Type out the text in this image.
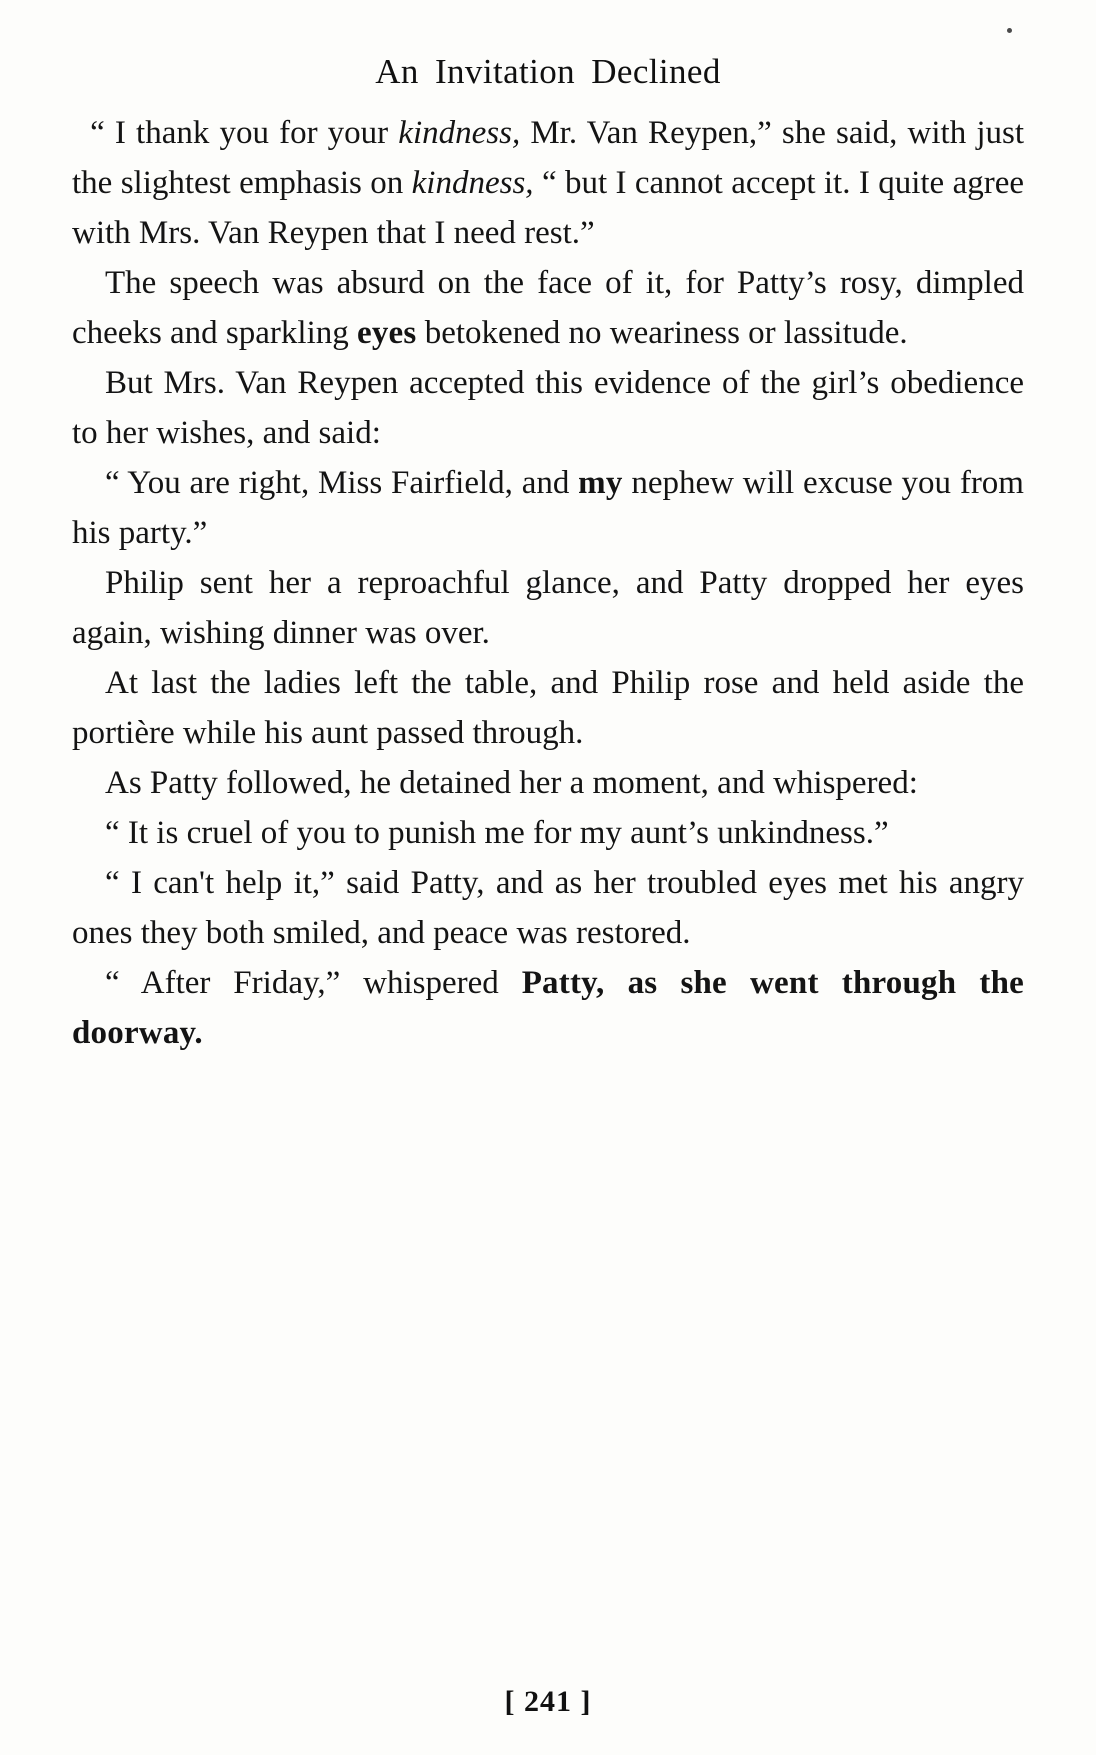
An Invitation Declined

“ I thank you for your kindness, Mr. Van Reypen,” she said, with just the slightest emphasis on kindness, “ but I cannot accept it. I quite agree with Mrs. Van Reypen that I need rest.”

The speech was absurd on the face of it, for Patty’s rosy, dimpled cheeks and sparkling eyes betokened no weariness or lassitude.

But Mrs. Van Reypen accepted this evidence of the girl’s obedience to her wishes, and said:

“ You are right, Miss Fairfield, and my nephew will excuse you from his party.”

Philip sent her a reproachful glance, and Patty dropped her eyes again, wishing dinner was over.

At last the ladies left the table, and Philip rose and held aside the portière while his aunt passed through.

As Patty followed, he detained her a moment, and whispered:

“ It is cruel of you to punish me for my aunt’s unkindness.”

“ I can't help it,” said Patty, and as her troubled eyes met his angry ones they both smiled, and peace was restored.

“ After Friday,” whispered Patty, as she went through the doorway.

[ 241 ]
